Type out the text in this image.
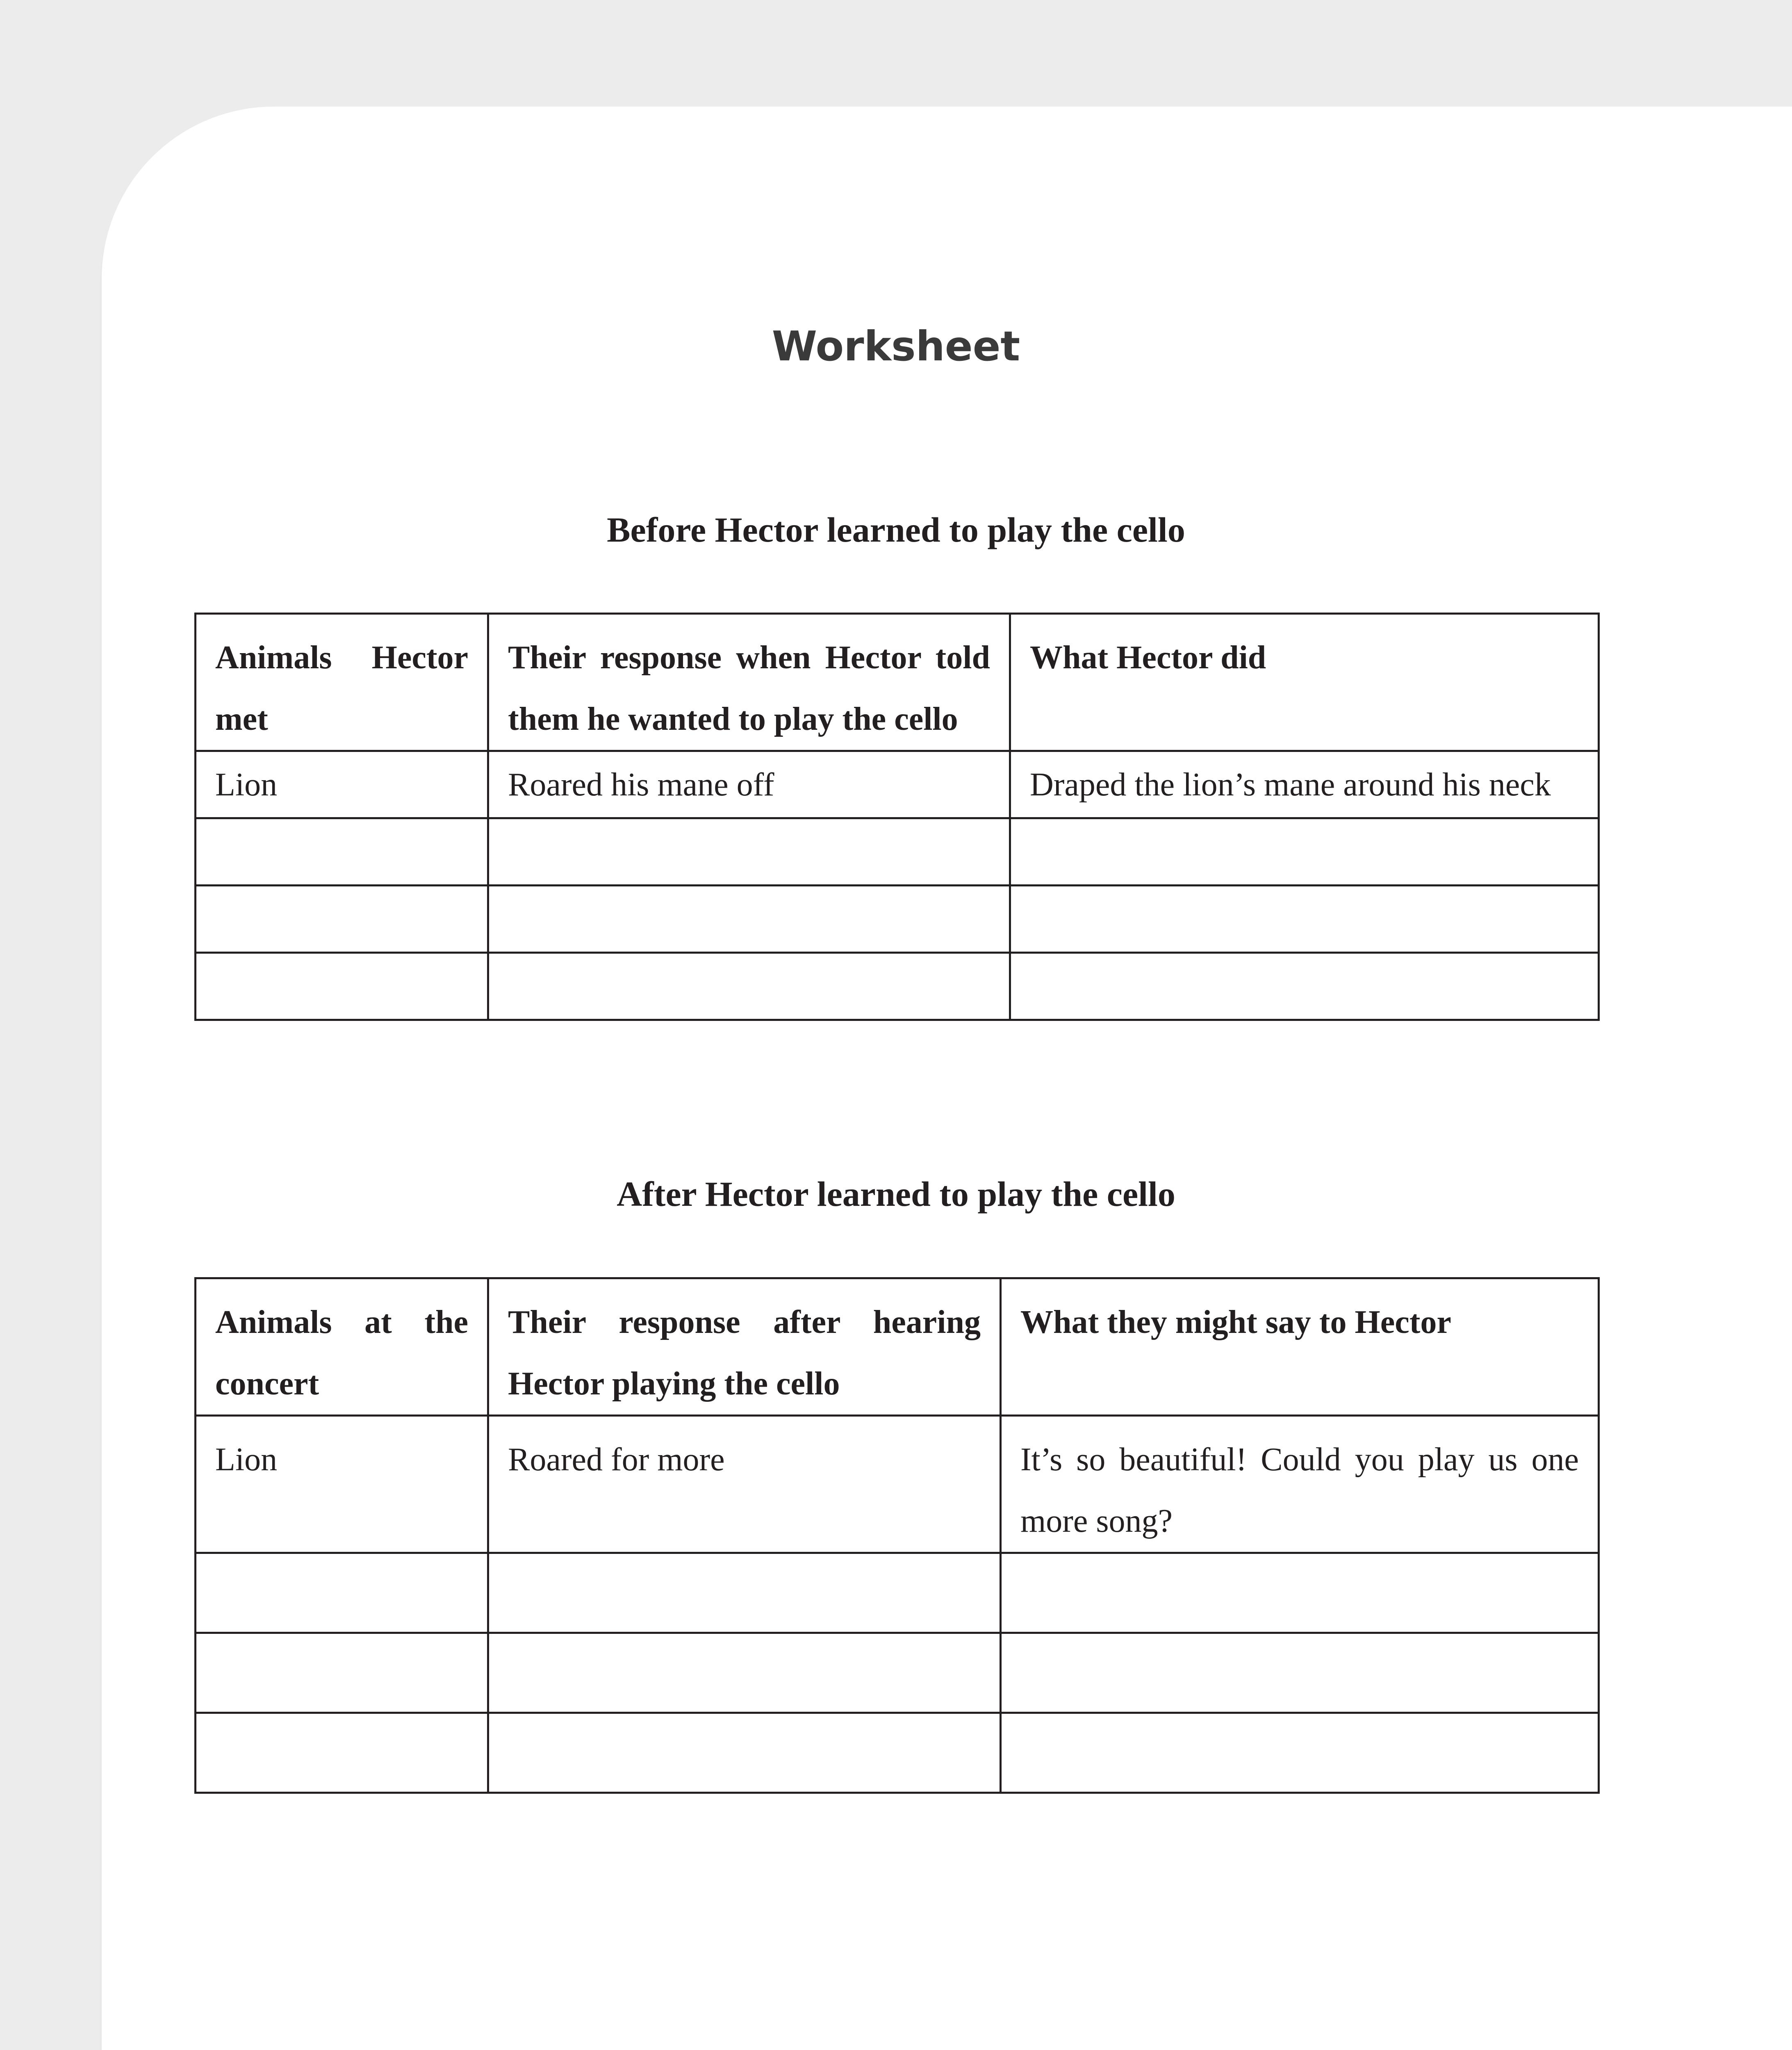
Worksheet
Before Hector learned to play the cello
Animals Hector met	Their response when Hector told them he wanted to play the cello	What Hector did
Lion	Roared his mane off	Draped the lion’s mane around his neck

After Hector learned to play the cello
Animals at the concert	Their response after hearing Hector playing the cello	What they might say to Hector
Lion	Roared for more	It’s so beautiful! Could you play us one more song?
